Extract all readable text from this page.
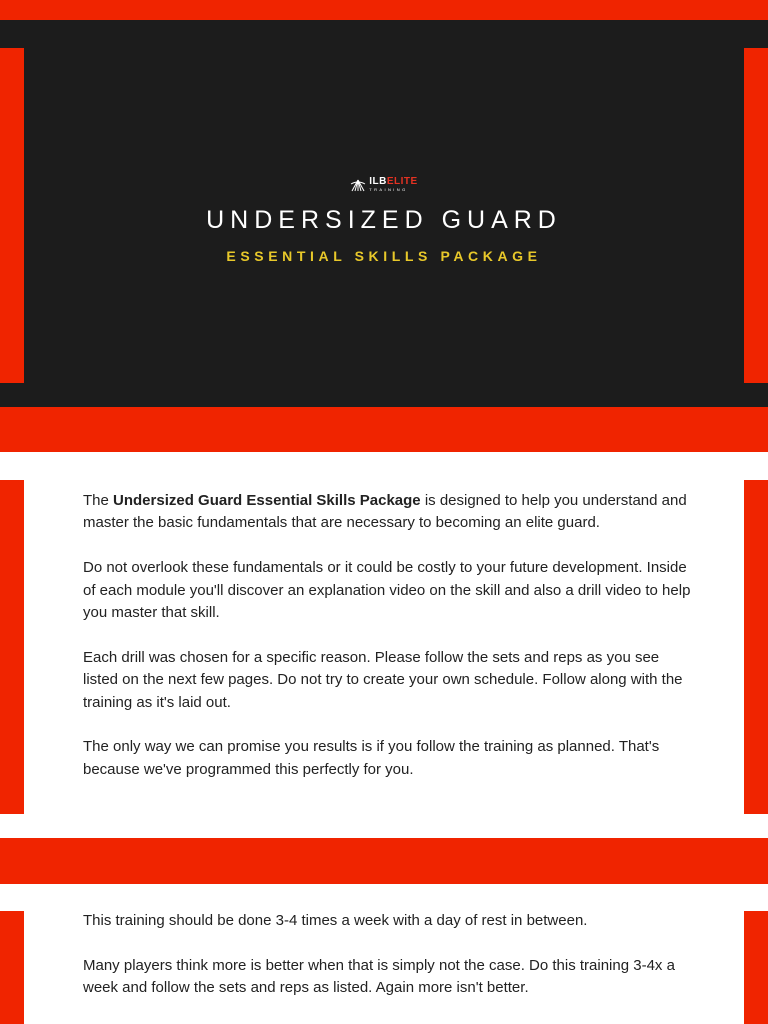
ILBELITE
TRAINING
UNDERSIZED GUARD
ESSENTIAL SKILLS PACKAGE

The Undersized Guard Essential Skills Package is designed to help you understand and master the basic fundamentals that are necessary to becoming an elite guard.

Do not overlook these fundamentals or it could be costly to your future development. Inside of each module you'll discover an explanation video on the skill and also a drill video to help you master that skill.

Each drill was chosen for a specific reason. Please follow the sets and reps as you see listed on the next few pages. Do not try to create your own schedule. Follow along with the training as it's laid out.

The only way we can promise you results is if you follow the training as planned. That's because we've programmed this perfectly for you.

This training should be done 3-4 times a week with a day of rest in between.

Many players think more is better when that is simply not the case. Do this training 3-4x a week and follow the sets and reps as listed. Again more isn't better.
